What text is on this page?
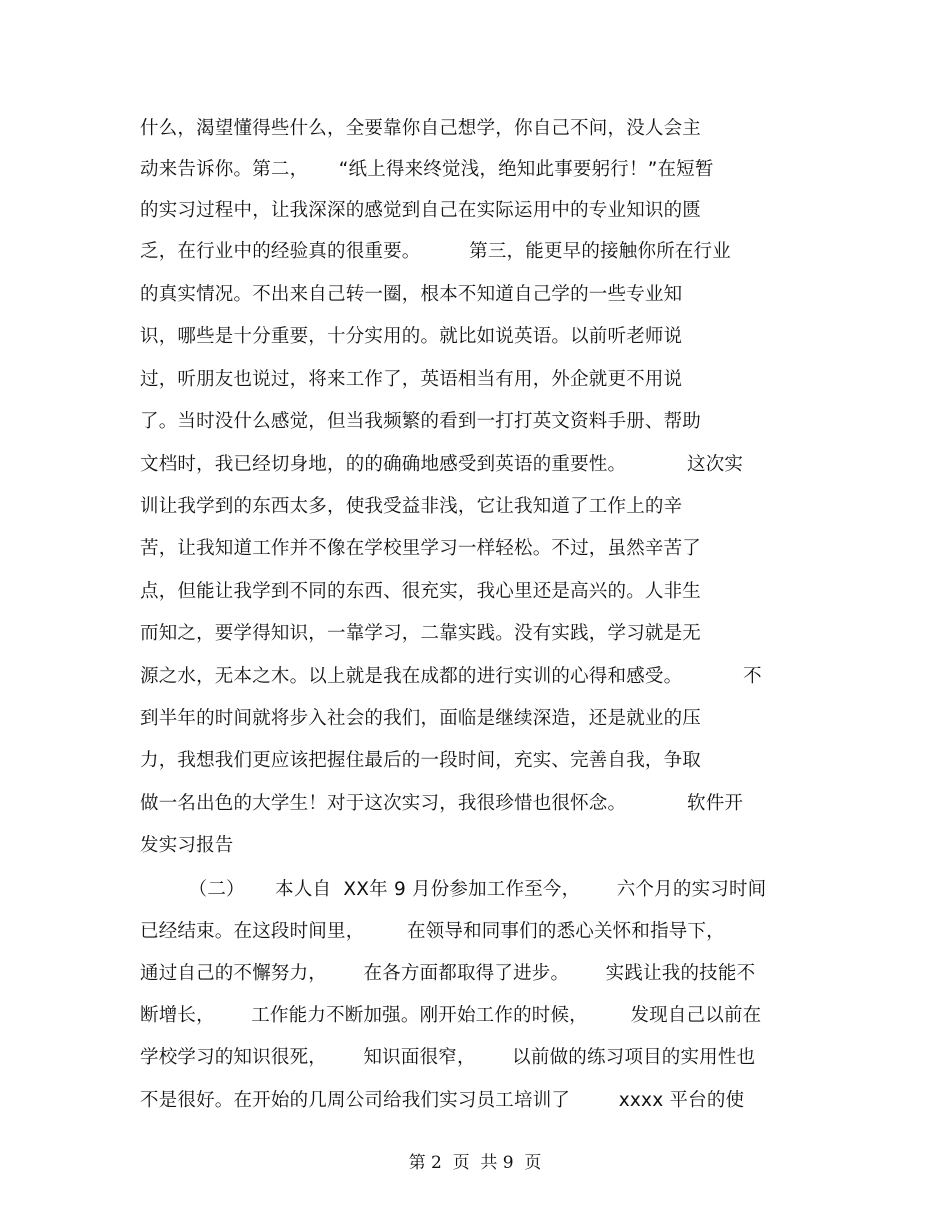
什么，渴望懂得些什么，全要靠你自己想学，你自己不问，没人会主
动来告诉你。第二，     “纸上得来终觉浅，绝知此事要躬行！”在短暂
的实习过程中，让我深深的感觉到自己在实际运用中的专业知识的匮
乏，在行业中的经验真的很重要。        第三，能更早的接触你所在行业
的真实情况。不出来自己转一圈，根本不知道自己学的一些专业知
识，哪些是十分重要，十分实用的。就比如说英语。以前听老师说
过，听朋友也说过，将来工作了，英语相当有用，外企就更不用说
了。当时没什么感觉，但当我频繁的看到一打打英文资料手册、帮助
文档时，我已经切身地，的的确确地感受到英语的重要性。          这次实
训让我学到的东西太多，使我受益非浅，它让我知道了工作上的辛
苦，让我知道工作并不像在学校里学习一样轻松。不过，虽然辛苦了
点，但能让我学到不同的东西、很充实，我心里还是高兴的。人非生
而知之，要学得知识，一靠学习，二靠实践。没有实践，学习就是无
源之水，无本之木。以上就是我在成都的进行实训的心得和感受。          不
到半年的时间就将步入社会的我们，面临是继续深造，还是就业的压
力，我想我们更应该把握住最后的一段时间，充实、完善自我，争取
做一名出色的大学生！对于这次实习，我很珍惜也很怀念。          软件开
发实习报告
（二）     本人自  XX年 9 月份参加工作至今，      六个月的实习时间
已经结束。在这段时间里，       在领导和同事们的悉心关怀和指导下，
通过自己的不懈努力，      在各方面都取得了进步。      实践让我的技能不
断增长，      工作能力不断加强。刚开始工作的时候，       发现自己以前在
学校学习的知识很死，      知识面很窄，      以前做的练习项目的实用性也
不是很好。在开始的几周公司给我们实习员工培训了        xxxx 平台的使
第 2  页  共 9  页
